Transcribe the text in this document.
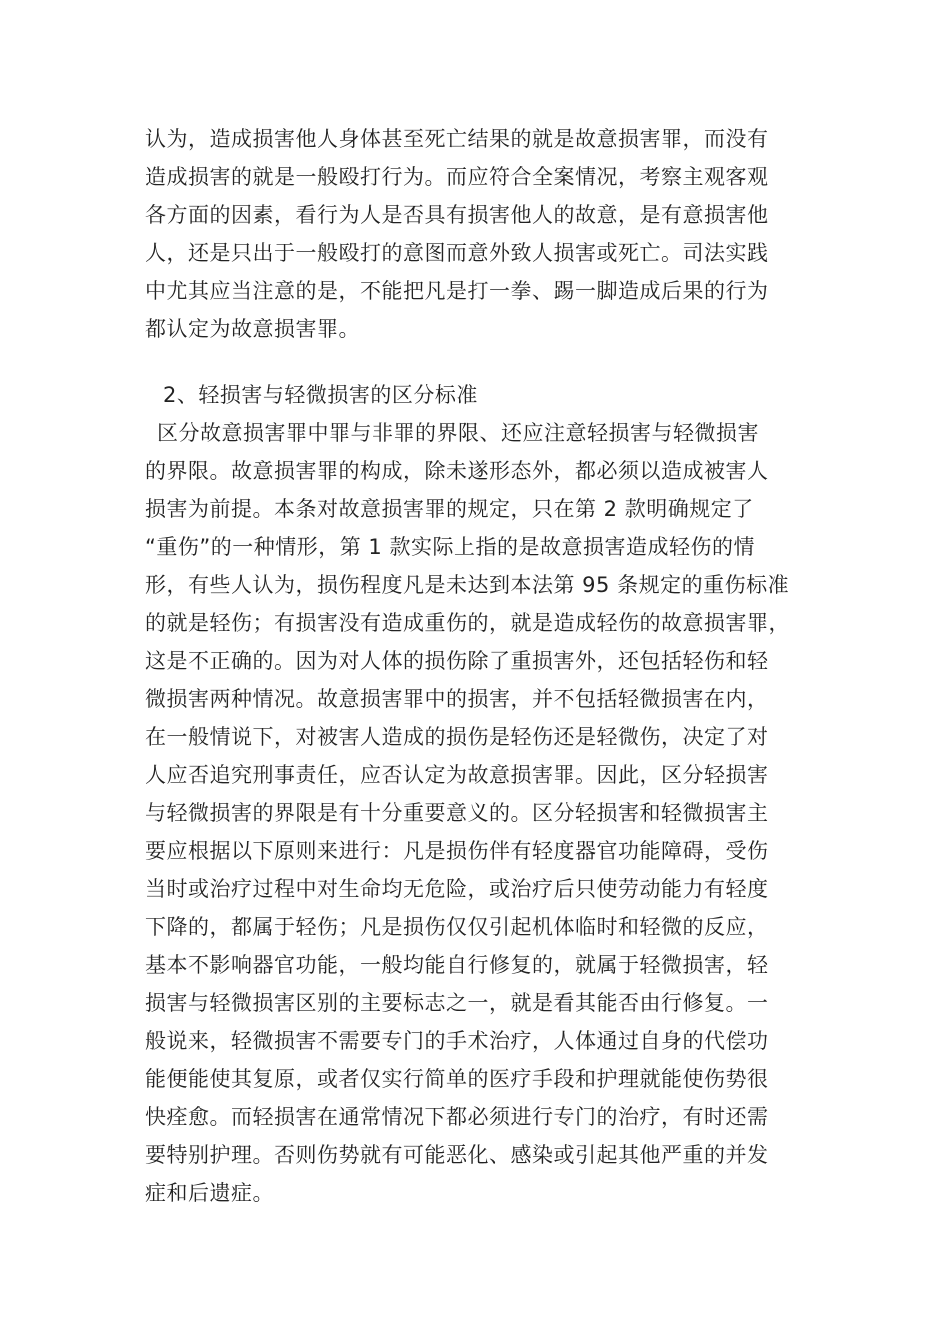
认为，造成损害他人身体甚至死亡结果的就是故意损害罪，而没有
造成损害的就是一般殴打行为。而应符合全案情况，考察主观客观
各方面的因素，看行为人是否具有损害他人的故意，是有意损害他
人，还是只出于一般殴打的意图而意外致人损害或死亡。司法实践
中尤其应当注意的是，不能把凡是打一拳、踢一脚造成后果的行为
都认定为故意损害罪。
2、轻损害与轻微损害的区分标准
区分故意损害罪中罪与非罪的界限、还应注意轻损害与轻微损害
的界限。故意损害罪的构成，除未遂形态外，都必须以造成被害人
损害为前提。本条对故意损害罪的规定，只在第 2 款明确规定了
“重伤”的一种情形，第 1 款实际上指的是故意损害造成轻伤的情
形，有些人认为，损伤程度凡是未达到本法第 95 条规定的重伤标准
的就是轻伤；有损害没有造成重伤的，就是造成轻伤的故意损害罪，
这是不正确的。因为对人体的损伤除了重损害外，还包括轻伤和轻
微损害两种情况。故意损害罪中的损害，并不包括轻微损害在内，
在一般情说下，对被害人造成的损伤是轻伤还是轻微伤，决定了对
人应否追究刑事责任，应否认定为故意损害罪。因此，区分轻损害
与轻微损害的界限是有十分重要意义的。区分轻损害和轻微损害主
要应根据以下原则来进行：凡是损伤伴有轻度器官功能障碍，受伤
当时或治疗过程中对生命均无危险，或治疗后只使劳动能力有轻度
下降的，都属于轻伤；凡是损伤仅仅引起机体临时和轻微的反应，
基本不影响器官功能，一般均能自行修复的，就属于轻微损害，轻
损害与轻微损害区别的主要标志之一，就是看其能否由行修复。一
般说来，轻微损害不需要专门的手术治疗，人体通过自身的代偿功
能便能使其复原，或者仅实行简单的医疗手段和护理就能使伤势很
快痊愈。而轻损害在通常情况下都必须进行专门的治疗，有时还需
要特别护理。否则伤势就有可能恶化、感染或引起其他严重的并发
症和后遗症。
